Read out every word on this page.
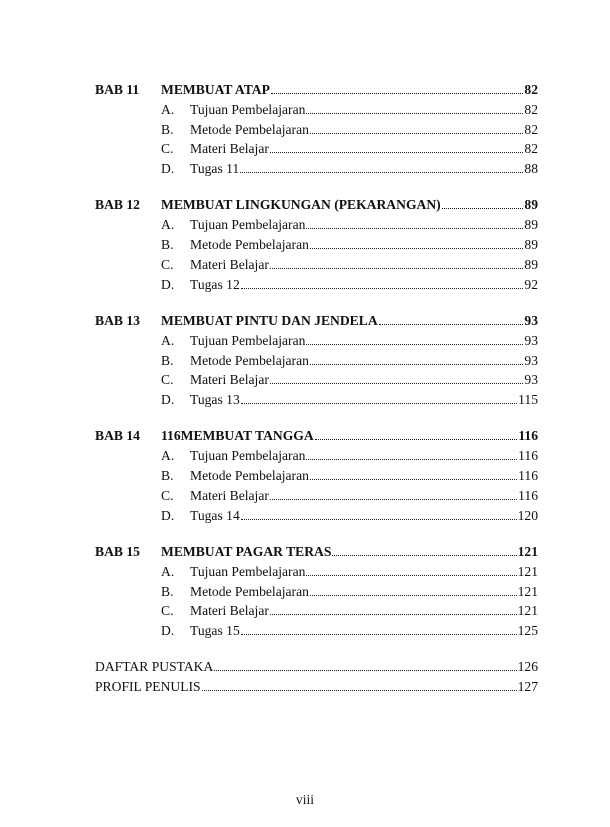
BAB 11	MEMBUAT ATAP	82
A.	Tujuan Pembelajaran	82
B.	Metode Pembelajaran	82
C.	Materi Belajar	82
D.	Tugas 11	88
BAB 12	MEMBUAT LINGKUNGAN (PEKARANGAN)	89
A.	Tujuan Pembelajaran	89
B.	Metode Pembelajaran	89
C.	Materi Belajar	89
D.	Tugas 12	92
BAB 13	MEMBUAT PINTU DAN JENDELA	93
A.	Tujuan Pembelajaran	93
B.	Metode Pembelajaran	93
C.	Materi Belajar	93
D.	Tugas 13	115
BAB 14	116MEMBUAT TANGGA	116
A.	Tujuan Pembelajaran	116
B.	Metode Pembelajaran	116
C.	Materi Belajar	116
D.	Tugas 14	120
BAB 15	MEMBUAT PAGAR TERAS	121
A.	Tujuan Pembelajaran	121
B.	Metode Pembelajaran	121
C.	Materi Belajar	121
D.	Tugas 15	125
DAFTAR PUSTAKA	126
PROFIL PENULIS	127
viii
